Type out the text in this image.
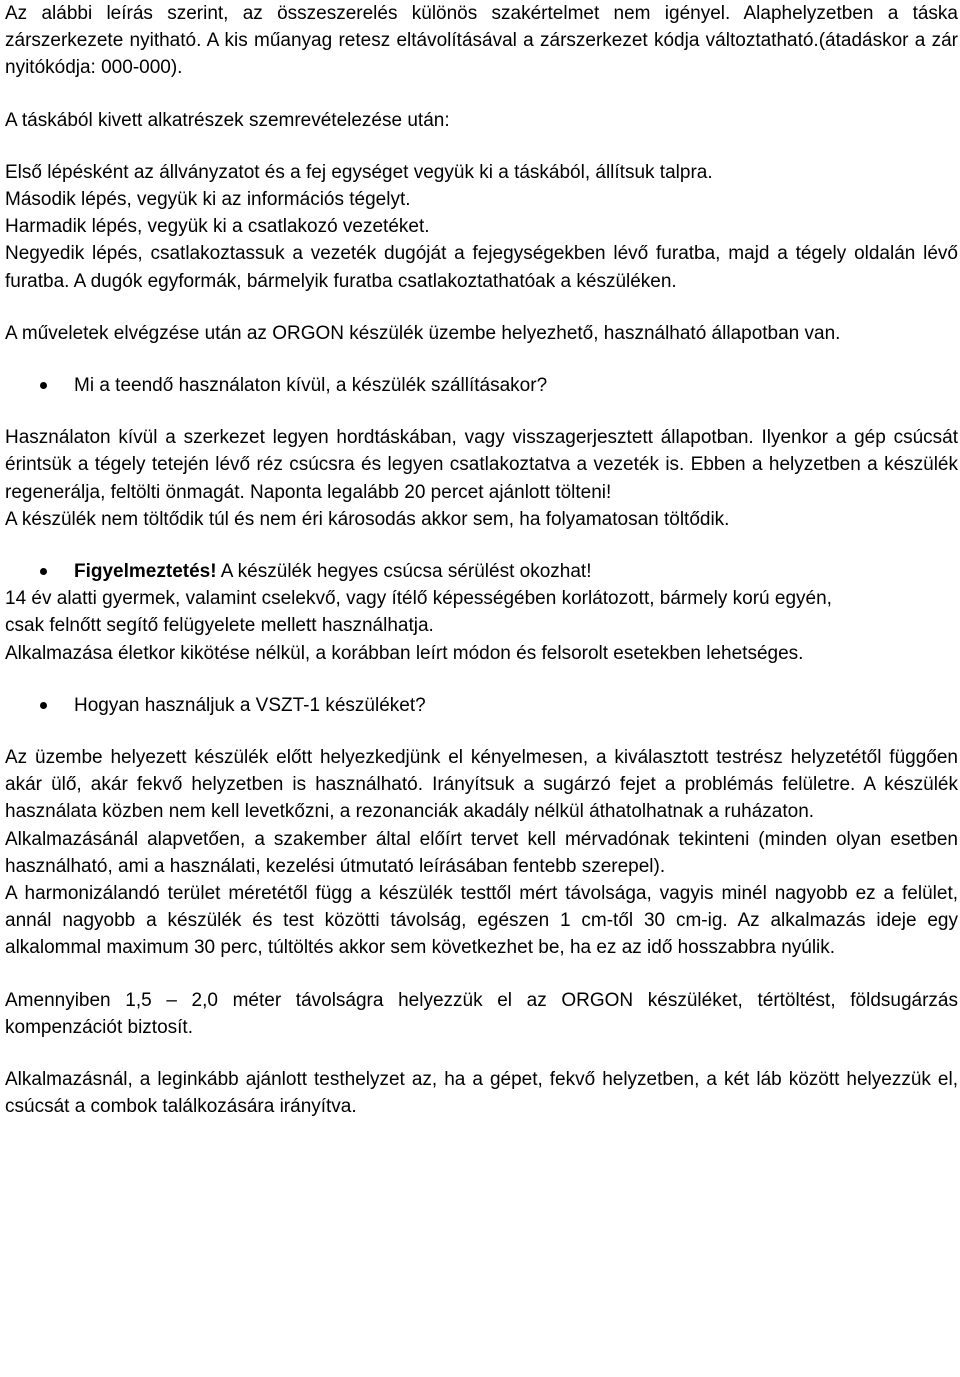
Az alábbi leírás szerint, az összeszerelés különös szakértelmet nem igényel. Alaphelyzetben a táska zárszerkezete nyitható. A kis műanyag retesz eltávolításával a zárszerkezet kódja változtatható.(átadáskor a zár nyitókódja: 000-000).

A táskából kivett alkatrészek szemrevételezése után:

Első lépésként az állványzatot és a fej egységet vegyük ki a táskából, állítsuk talpra.

Második lépés, vegyük ki az információs tégelyt.

Harmadik lépés, vegyük ki a csatlakozó vezetéket.

Negyedik lépés, csatlakoztassuk a vezeték dugóját a fejegységekben lévő furatba, majd a tégely oldalán lévő furatba. A dugók egyformák, bármelyik furatba csatlakoztathatóak a készüléken.

A műveletek elvégzése után az ORGON készülék üzembe helyezhető, használható állapotban van.

Mi a teendő használaton kívül, a készülék szállításakor?

Használaton kívül a szerkezet legyen hordtáskában, vagy visszagerjesztett állapotban. Ilyenkor a gép csúcsát érintsük a tégely tetején lévő réz csúcsra és legyen csatlakoztatva a vezeték is. Ebben a helyzetben a készülék regenerálja, feltölti önmagát. Naponta legalább 20 percet ajánlott tölteni!

A készülék nem töltődik túl és nem éri károsodás akkor sem, ha folyamatosan töltődik.

Figyelmeztetés! A készülék hegyes csúcsa sérülést okozhat!

14 év alatti gyermek, valamint cselekvő, vagy ítélő képességében korlátozott, bármely korú egyén,

csak felnőtt segítő felügyelete mellett használhatja.

Alkalmazása életkor kikötése nélkül, a korábban leírt módon és felsorolt esetekben lehetséges.

Hogyan használjuk a VSZT-1 készüléket?

Az üzembe helyezett készülék előtt helyezkedjünk el kényelmesen, a kiválasztott testrész helyzetétől függően akár ülő, akár fekvő helyzetben is használható. Irányítsuk a sugárzó fejet a problémás felületre. A készülék használata közben nem kell levetkőzni, a rezonanciák akadály nélkül áthatolhatnak a ruházaton.

Alkalmazásánál alapvetően, a szakember által előírt tervet kell mérvadónak tekinteni (minden olyan esetben használható, ami a használati, kezelési útmutató leírásában fentebb szerepel).

A harmonizálandó terület méretétől függ a készülék testtől mért távolsága, vagyis minél nagyobb ez a felület, annál nagyobb a készülék és test közötti távolság, egészen 1 cm-től 30 cm-ig. Az alkalmazás ideje egy alkalommal maximum 30 perc, túltöltés akkor sem következhet be, ha ez az idő hosszabbra nyúlik.

Amennyiben 1,5 – 2,0 méter távolságra helyezzük el az ORGON készüléket, tértöltést, földsugárzás kompenzációt biztosít.

Alkalmazásnál, a leginkább ajánlott testhelyzet az, ha a gépet, fekvő helyzetben, a két láb között helyezzük el, csúcsát a combok találkozására irányítva.
